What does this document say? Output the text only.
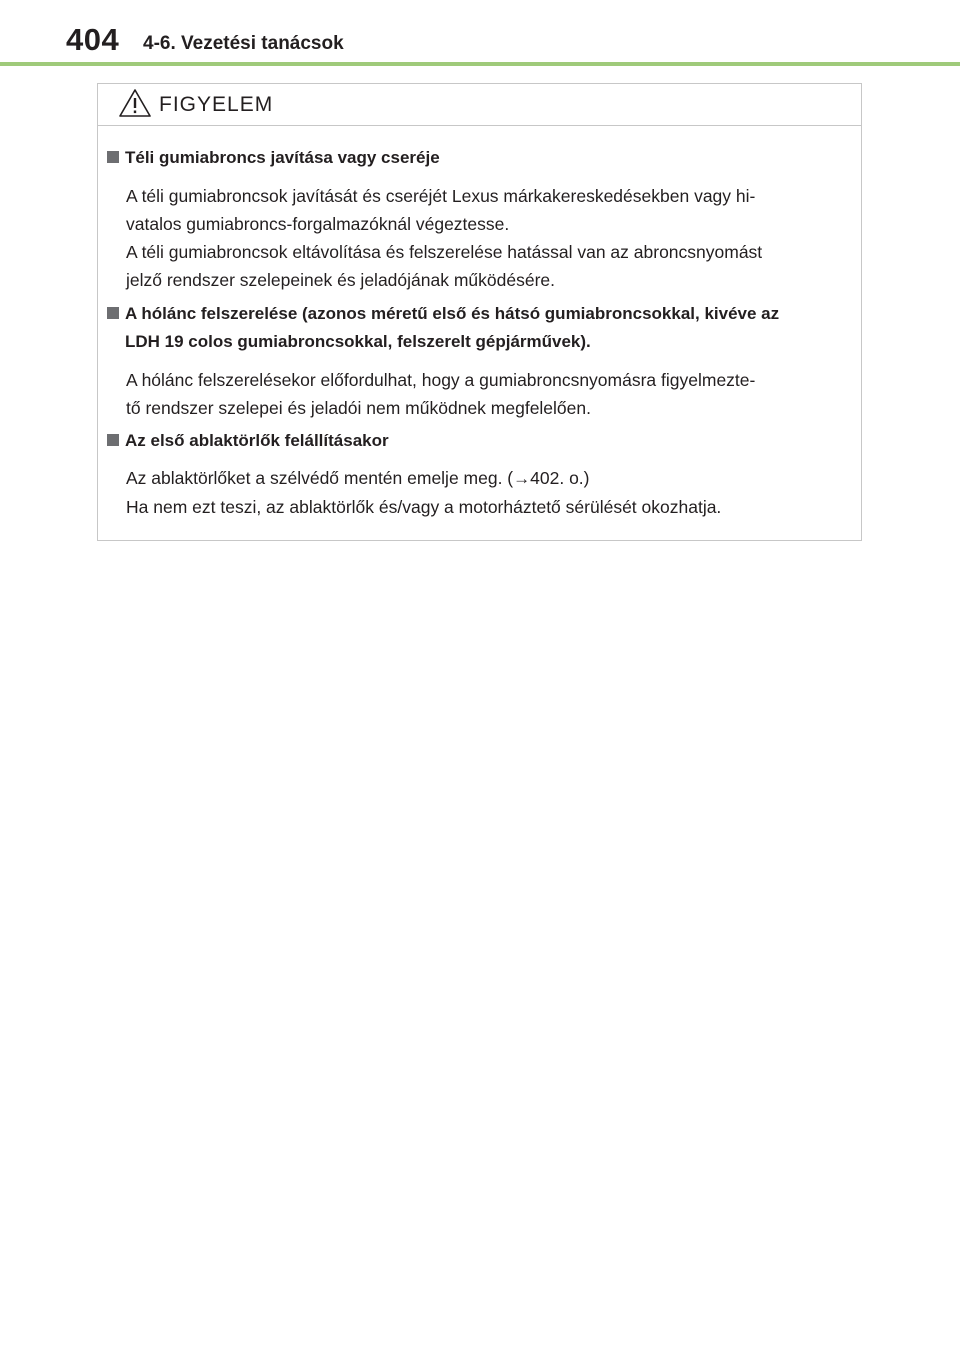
404 4-6. Vezetési tanácsok
FIGYELEM
Téli gumiabroncs javítása vagy cseréje
A téli gumiabroncsok javítását és cseréjét Lexus márkakereskedésekben vagy hi-
vatalos gumiabroncs-forgalmazóknál végeztesse.
A téli gumiabroncsok eltávolítása és felszerelése hatással van az abroncsnyomást
jelző rendszer szelepeinek és jeladójának működésére.
A hólánc felszerelése (azonos méretű első és hátsó gumiabroncsokkal, kivéve az
LDH 19 colos gumiabroncsokkal, felszerelt gépjárművek).
A hólánc felszerelésekor előfordulhat, hogy a gumiabroncsnyomásra figyelmezte-
tő rendszer szelepei és jeladói nem működnek megfelelően.
Az első ablaktörlők felállításakor
Az ablaktörlőket a szélvédő mentén emelje meg. (→402. o.)
Ha nem ezt teszi, az ablaktörlők és/vagy a motorháztető sérülését okozhatja.
